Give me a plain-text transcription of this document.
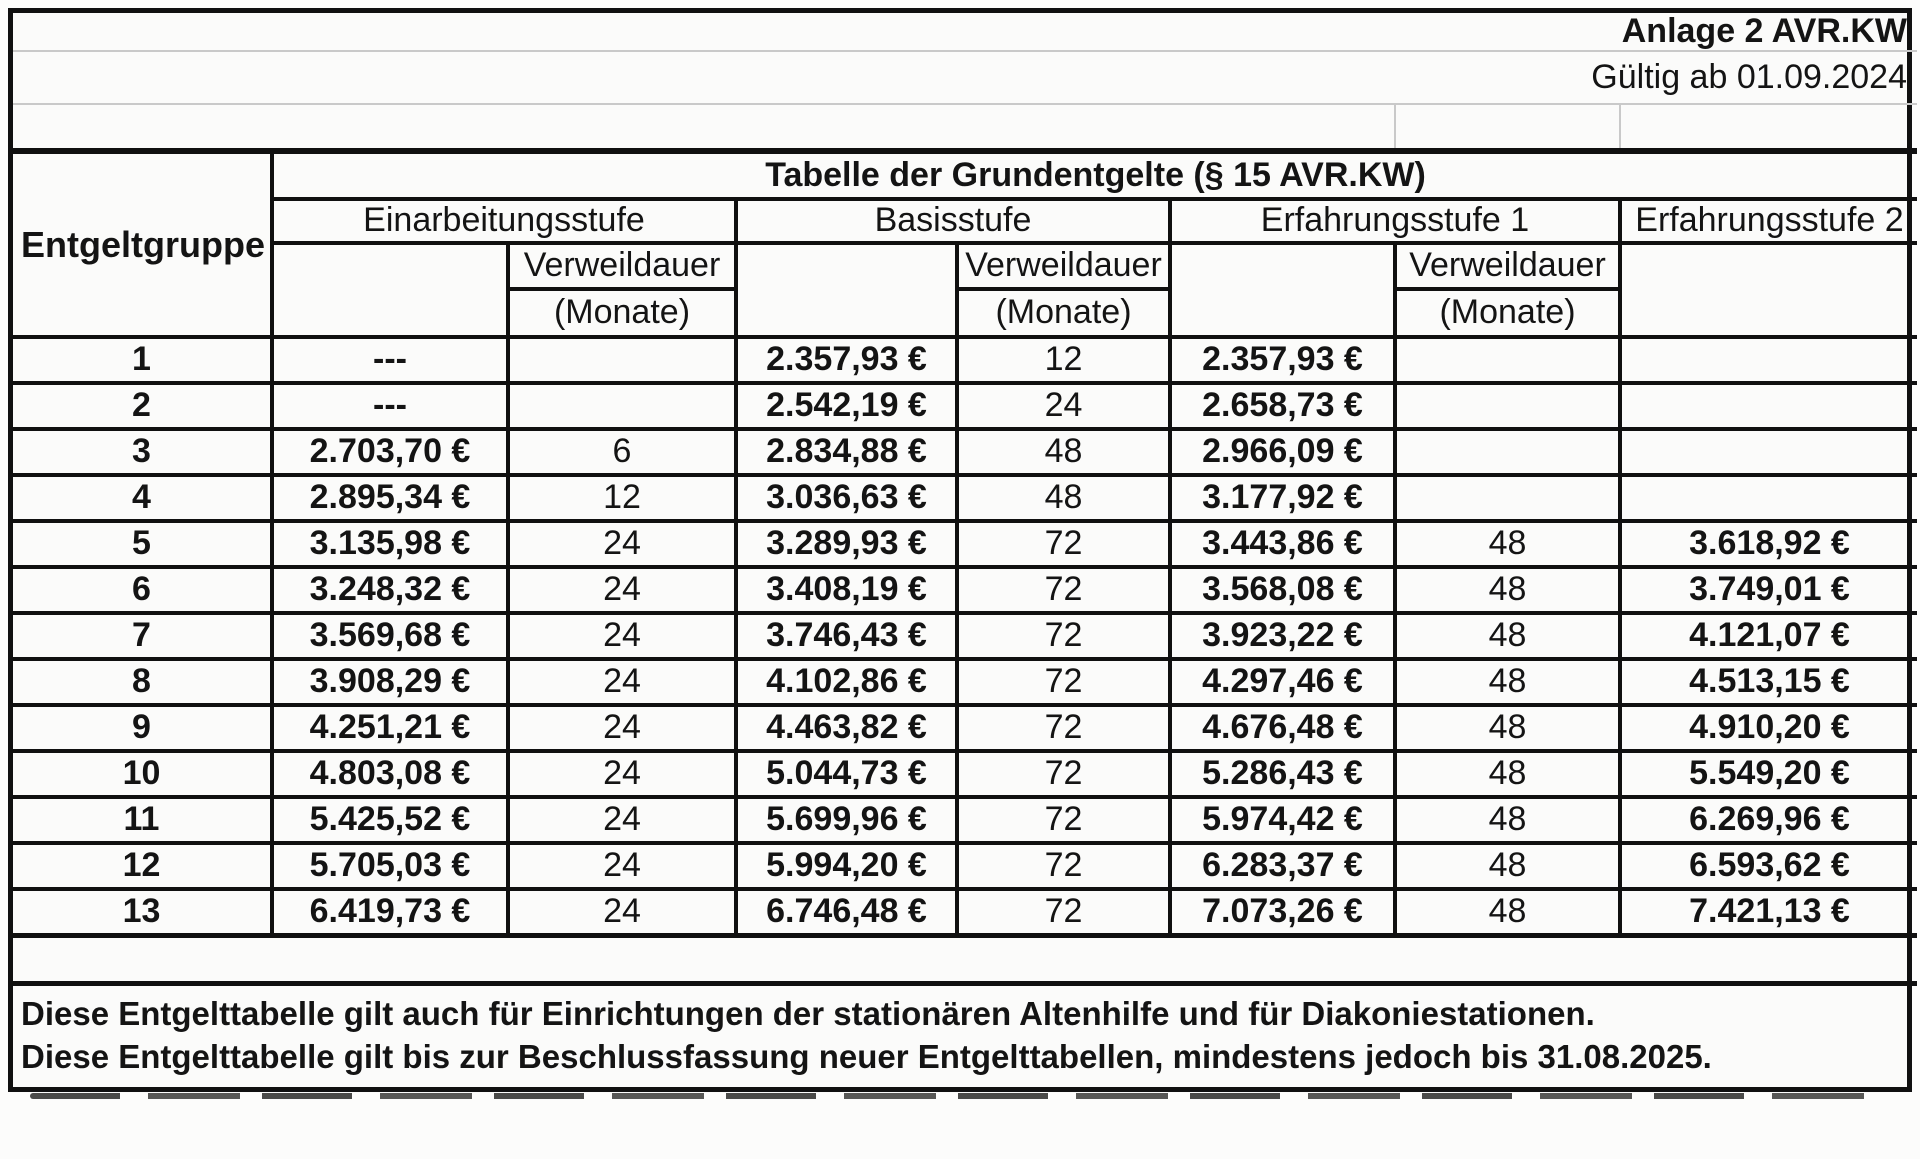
Anlage 2 AVR.KW							
Gültig ab 01.09.2024							

Entgeltgruppe	Tabelle der Grundentgelte (§ 15 AVR.KW)						
	Einarbeitungsstufe		Basisstufe		Erfahrungsstufe 1		Erfahrungsstufe 2
		Verweildauer		Verweildauer		Verweildauer	
		(Monate)		(Monate)		(Monate)	
1	---		2.357,93 €	12	2.357,93 €		
2	---		2.542,19 €	24	2.658,73 €		
3	2.703,70 €	6	2.834,88 €	48	2.966,09 €		
4	2.895,34 €	12	3.036,63 €	48	3.177,92 €		
5	3.135,98 €	24	3.289,93 €	72	3.443,86 €	48	3.618,92 €
6	3.248,32 €	24	3.408,19 €	72	3.568,08 €	48	3.749,01 €
7	3.569,68 €	24	3.746,43 €	72	3.923,22 €	48	4.121,07 €
8	3.908,29 €	24	4.102,86 €	72	4.297,46 €	48	4.513,15 €
9	4.251,21 €	24	4.463,82 €	72	4.676,48 €	48	4.910,20 €
10	4.803,08 €	24	5.044,73 €	72	5.286,43 €	48	5.549,20 €
11	5.425,52 €	24	5.699,96 €	72	5.974,42 €	48	6.269,96 €
12	5.705,03 €	24	5.994,20 €	72	6.283,37 €	48	6.593,62 €
13	6.419,73 €	24	6.746,48 €	72	7.073,26 €	48	7.421,13 €

Diese Entgelttabelle gilt auch für Einrichtungen der stationären Altenhilfe und für Diakoniestationen.
Diese Entgelttabelle gilt bis zur Beschlussfassung neuer Entgelttabellen, mindestens jedoch bis 31.08.2025.							
